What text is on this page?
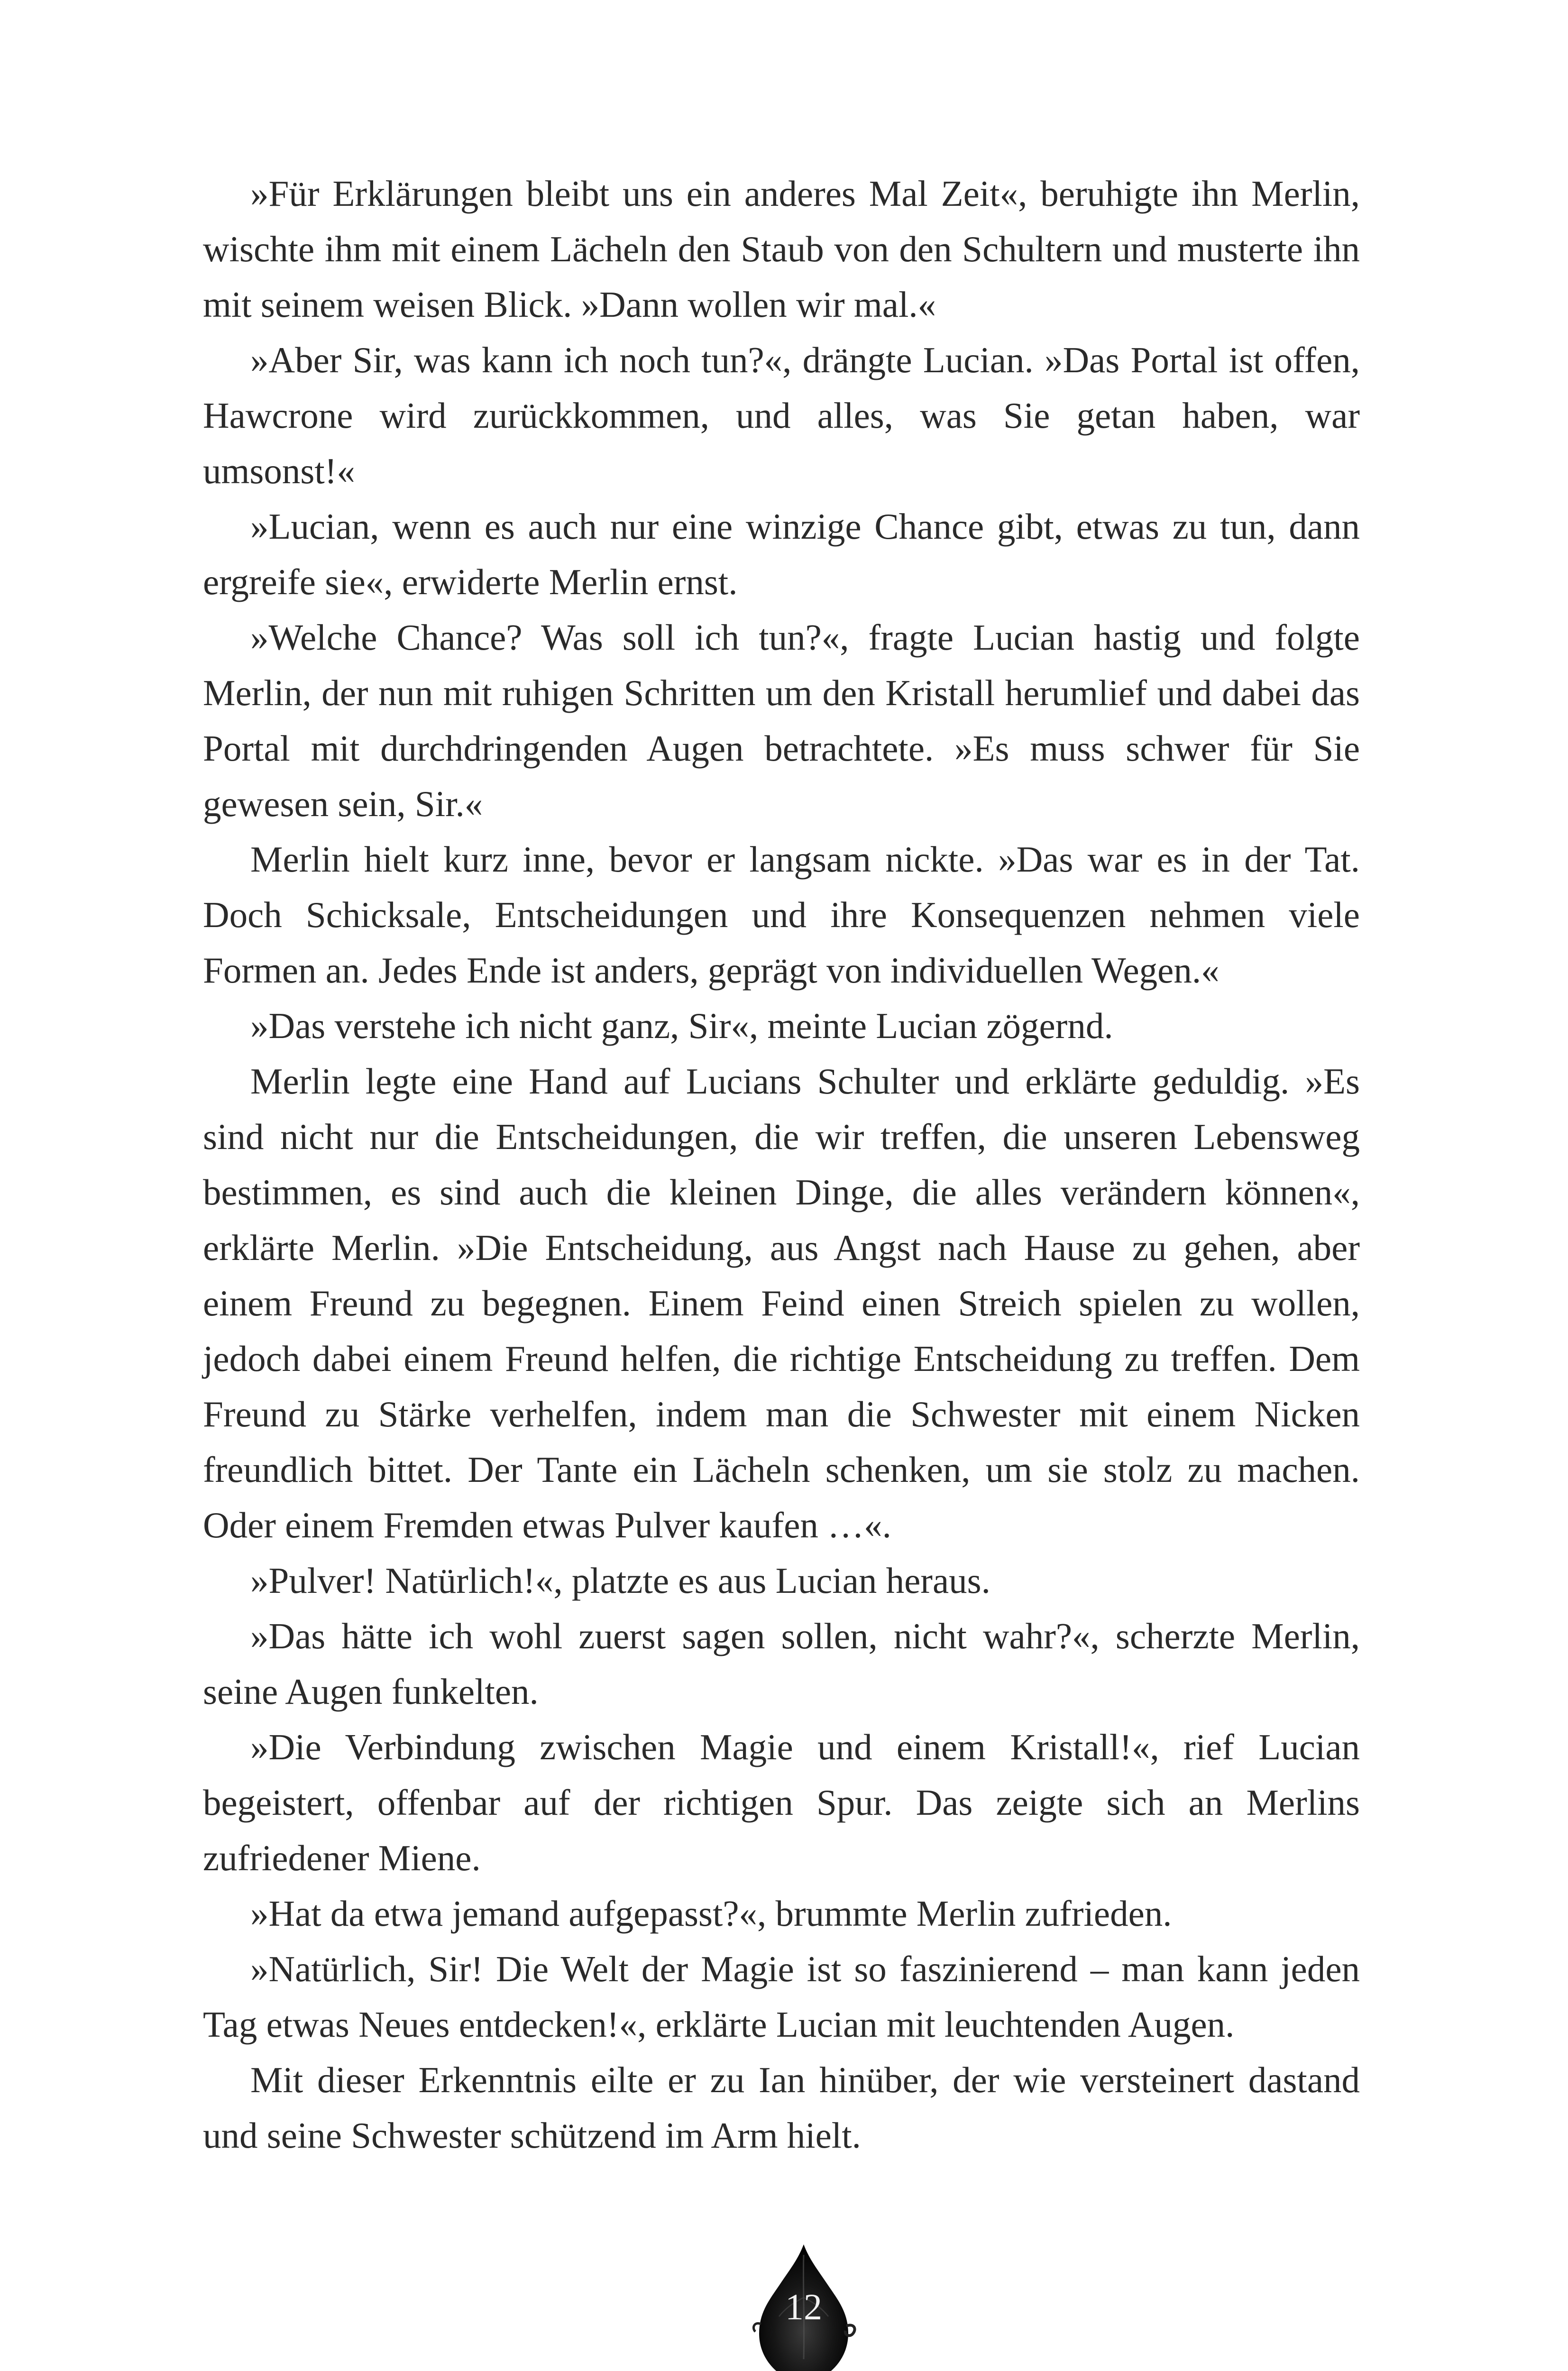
»Für Erklärungen bleibt uns ein anderes Mal Zeit«, beruhigte ihn Merlin, wischte ihm mit einem Lächeln den Staub von den Schultern und musterte ihn mit seinem weisen Blick. »Dann wollen wir mal.«

»Aber Sir, was kann ich noch tun?«, drängte Lucian. »Das Portal ist offen, Hawcrone wird zurückkommen, und alles, was Sie getan haben, war umsonst!«

»Lucian, wenn es auch nur eine winzige Chance gibt, etwas zu tun, dann ergreife sie«, erwiderte Merlin ernst.

»Welche Chance? Was soll ich tun?«, fragte Lucian hastig und folgte Merlin, der nun mit ruhigen Schritten um den Kristall herumlief und dabei das Portal mit durchdringenden Augen betrachtete. »Es muss schwer für Sie gewesen sein, Sir.«

Merlin hielt kurz inne, bevor er langsam nickte. »Das war es in der Tat. Doch Schicksale, Entscheidungen und ihre Konsequenzen nehmen viele Formen an. Jedes Ende ist anders, geprägt von individuellen Wegen.«

»Das verstehe ich nicht ganz, Sir«, meinte Lucian zögernd.

Merlin legte eine Hand auf Lucians Schulter und erklärte geduldig. »Es sind nicht nur die Entscheidungen, die wir treffen, die unseren Lebensweg bestimmen, es sind auch die kleinen Dinge, die alles verändern können«, erklärte Merlin. »Die Entscheidung, aus Angst nach Hause zu gehen, aber einem Freund zu begegnen. Einem Feind einen Streich spielen zu wollen, jedoch dabei einem Freund helfen, die richtige Entscheidung zu treffen. Dem Freund zu Stärke verhelfen, indem man die Schwester mit einem Nicken freundlich bittet. Der Tante ein Lächeln schenken, um sie stolz zu machen. Oder einem Fremden etwas Pulver kaufen …«.

»Pulver! Natürlich!«, platzte es aus Lucian heraus.

»Das hätte ich wohl zuerst sagen sollen, nicht wahr?«, scherzte Merlin, seine Augen funkelten.

»Die Verbindung zwischen Magie und einem Kristall!«, rief Lucian begeistert, offenbar auf der richtigen Spur. Das zeigte sich an Merlins zufriedener Miene.

»Hat da etwa jemand aufgepasst?«, brummte Merlin zufrieden.

»Natürlich, Sir! Die Welt der Magie ist so faszinierend – man kann jeden Tag etwas Neues entdecken!«, erklärte Lucian mit leuchtenden Augen.

Mit dieser Erkenntnis eilte er zu Ian hinüber, der wie versteinert dastand und seine Schwester schützend im Arm hielt.

12
